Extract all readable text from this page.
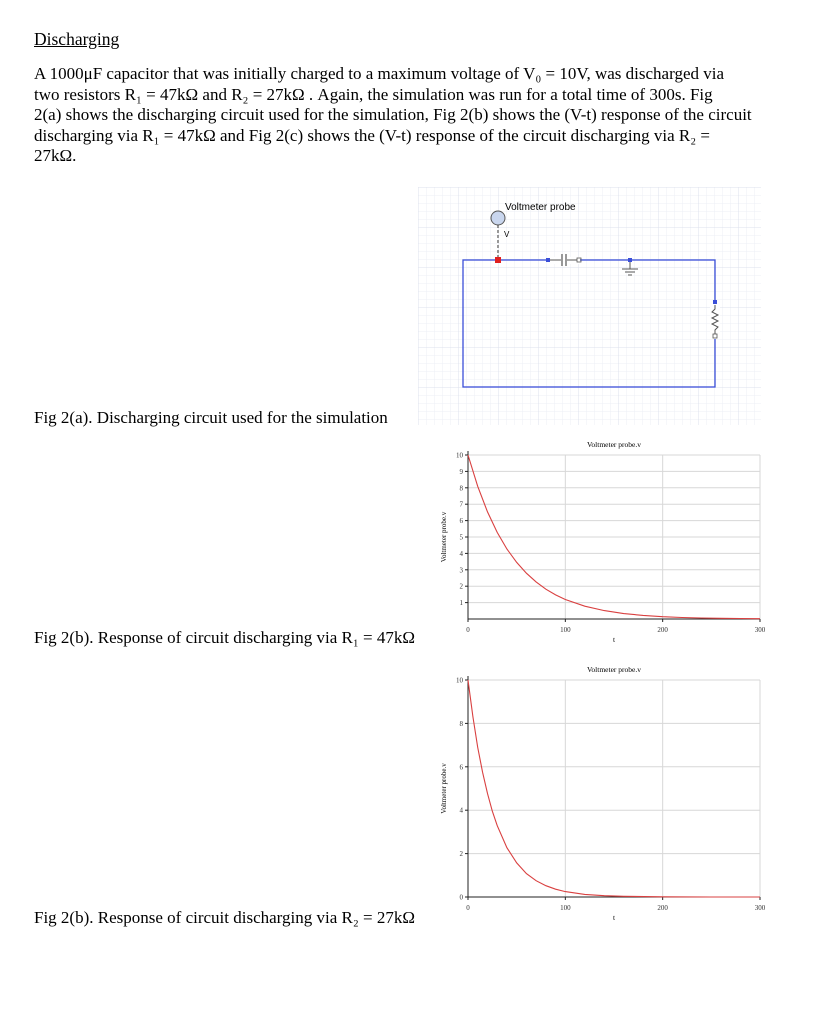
Discharging
A 1000μF capacitor that was initially charged to a maximum voltage of V₀ = 10V, was discharged via
two resistors R₁ = 47kΩ and R₂ = 27kΩ . Again, the simulation was run for a total time of 300s. Fig
2(a) shows the discharging circuit used for the simulation, Fig 2(b) shows the (V-t) response of the circuit
discharging via R₁ = 47kΩ and Fig 2(c) shows the (V-t) response of the circuit discharging via R₂ =
27kΩ.
Voltmeter probe
V
Fig 2(a). Discharging circuit used for the simulation
0	100	200	300
1
2
3
4
5
6
7
8
9
10
Voltmeter probe.v
Voltmeter probe.v
t
Fig 2(b). Response of circuit discharging via R₁ = 47kΩ
0	100	200	300
0
2
4
6
8
10
Voltmeter probe.v
Voltmeter probe.v
t
Fig 2(b). Response of circuit discharging via R₂ = 27kΩ
